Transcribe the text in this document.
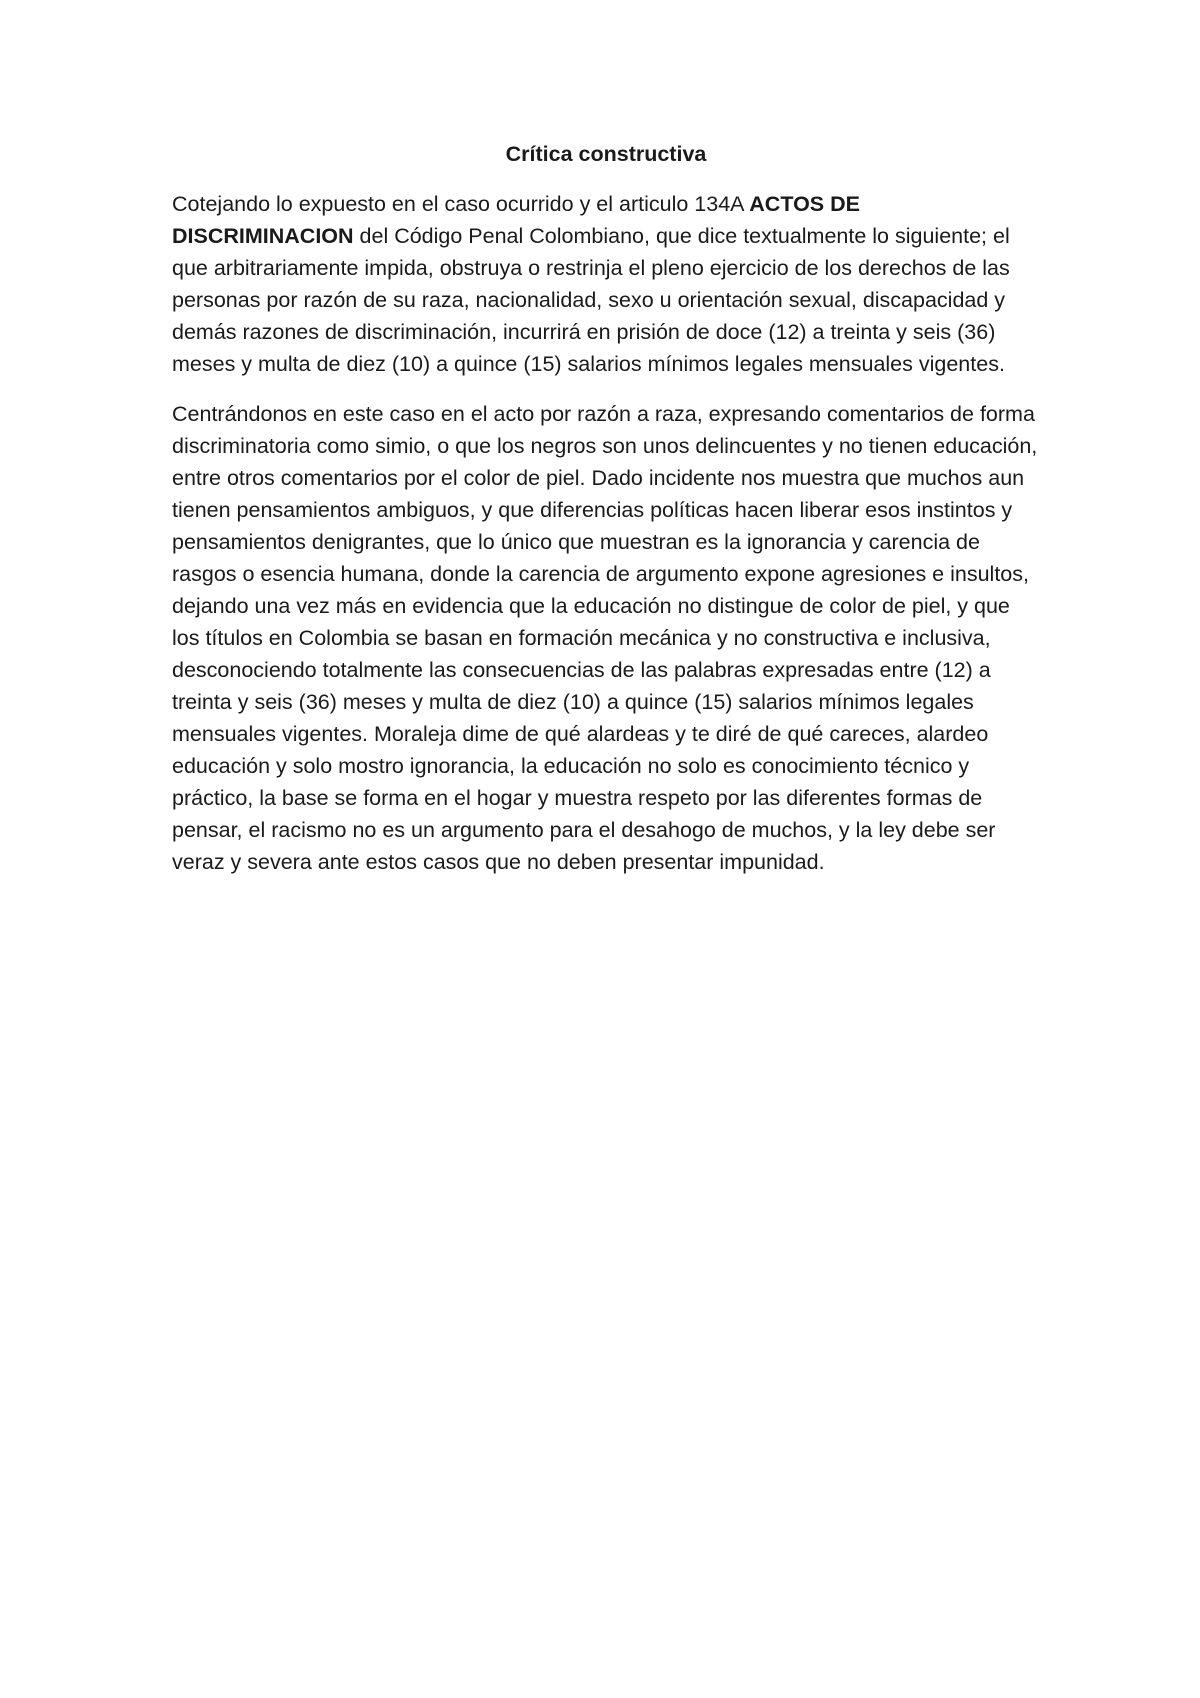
Crítica constructiva

Cotejando lo expuesto en el caso ocurrido y el articulo 134A ACTOS DE DISCRIMINACION del Código Penal Colombiano, que dice textualmente lo siguiente; el que arbitrariamente impida, obstruya o restrinja el pleno ejercicio de los derechos de las personas por razón de su raza, nacionalidad, sexo u orientación sexual, discapacidad y demás razones de discriminación, incurrirá en prisión de doce (12) a treinta y seis (36) meses y multa de diez (10) a quince (15) salarios mínimos legales mensuales vigentes.

Centrándonos en este caso en el acto por razón a raza, expresando comentarios de forma discriminatoria como simio, o que los negros son unos delincuentes y no tienen educación, entre otros comentarios por el color de piel. Dado incidente nos muestra que muchos aun tienen pensamientos ambiguos, y que diferencias políticas hacen liberar esos instintos y pensamientos denigrantes, que lo único que muestran es la ignorancia y carencia de rasgos o esencia humana, donde la carencia de argumento expone agresiones e insultos, dejando una vez más en evidencia que la educación no distingue de color de piel, y que los títulos en Colombia se basan en formación mecánica y no constructiva e inclusiva, desconociendo totalmente las consecuencias de las palabras expresadas entre (12) a treinta y seis (36) meses y multa de diez (10) a quince (15) salarios mínimos legales mensuales vigentes. Moraleja dime de qué alardeas y te diré de qué careces, alardeo educación y solo mostro ignorancia, la educación no solo es conocimiento técnico y práctico, la base se forma en el hogar y muestra respeto por las diferentes formas de pensar, el racismo no es un argumento para el desahogo de muchos, y la ley debe ser veraz y severa ante estos casos que no deben presentar impunidad.
